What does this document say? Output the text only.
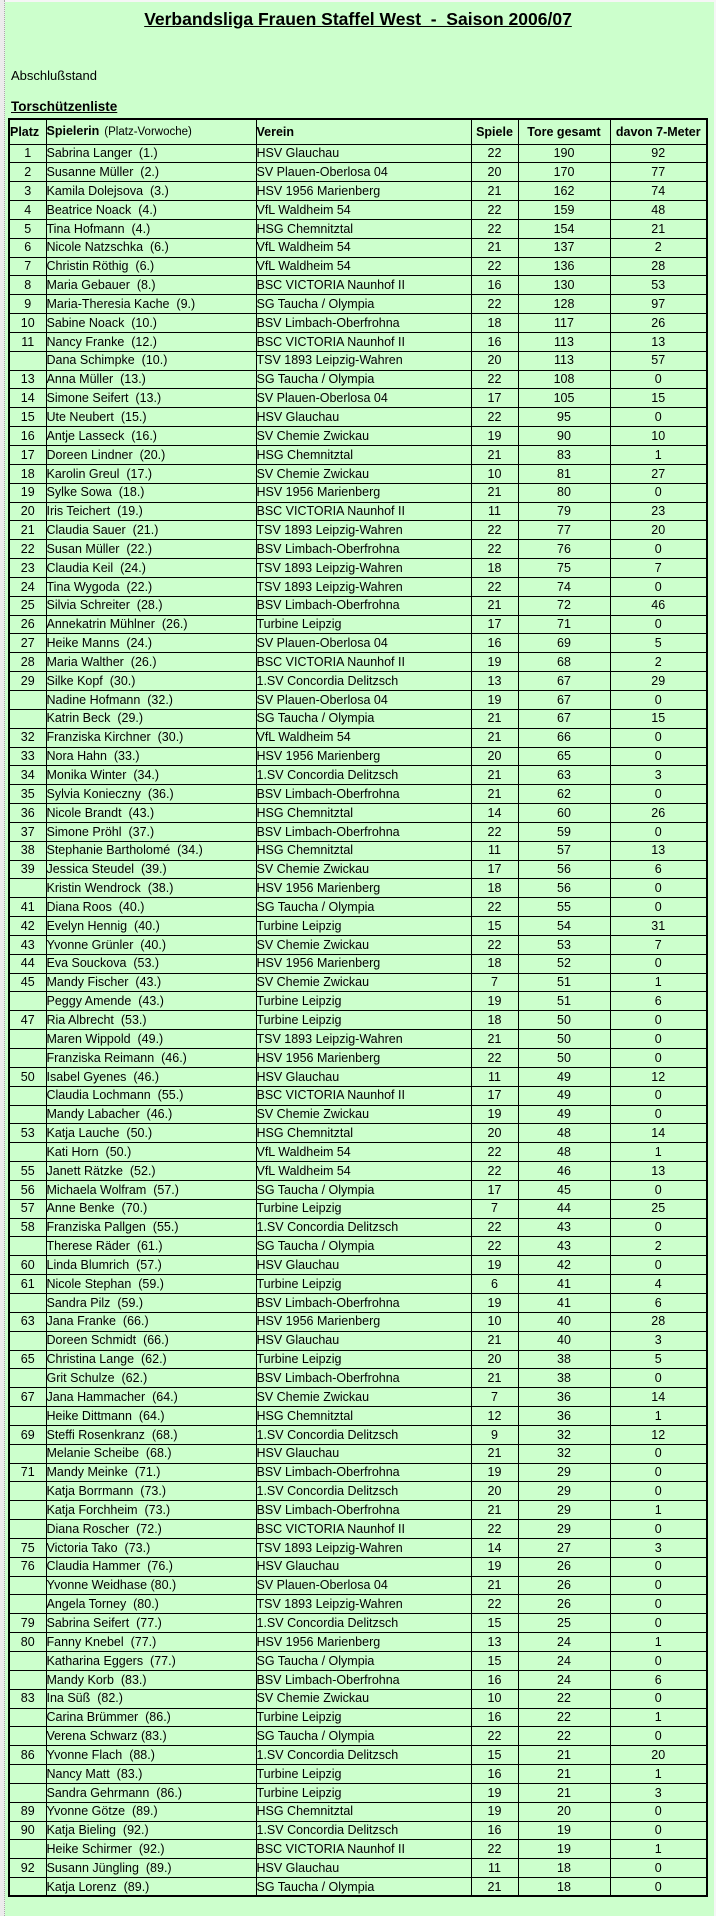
Verbandsliga Frauen Staffel West  -  Saison 2006/07
Abschlußstand
Torschützenliste
Platz	Spielerin (Platz-Vorwoche)	Verein	Spiele	Tore gesamt	davon 7-Meter
1	Sabrina Langer  (1.)	HSV Glauchau	22	190	92
2	Susanne Müller  (2.)	SV Plauen-Oberlosa 04	20	170	77
3	Kamila Dolejsova  (3.)	HSV 1956 Marienberg	21	162	74
4	Beatrice Noack  (4.)	VfL Waldheim 54	22	159	48
5	Tina Hofmann  (4.)	HSG Chemnitztal	22	154	21
6	Nicole Natzschka  (6.)	VfL Waldheim 54	21	137	2
7	Christin Röthig  (6.)	VfL Waldheim 54	22	136	28
8	Maria Gebauer  (8.)	BSC VICTORIA Naunhof II	16	130	53
9	Maria-Theresia Kache  (9.)	SG Taucha / Olympia	22	128	97
10	Sabine Noack  (10.)	BSV Limbach-Oberfrohna	18	117	26
11	Nancy Franke  (12.)	BSC VICTORIA Naunhof II	16	113	13
	Dana Schimpke  (10.)	TSV 1893 Leipzig-Wahren	20	113	57
13	Anna Müller  (13.)	SG Taucha / Olympia	22	108	0
14	Simone Seifert  (13.)	SV Plauen-Oberlosa 04	17	105	15
15	Ute Neubert  (15.)	HSV Glauchau	22	95	0
16	Antje Lasseck  (16.)	SV Chemie Zwickau	19	90	10
17	Doreen Lindner  (20.)	HSG Chemnitztal	21	83	1
18	Karolin Greul  (17.)	SV Chemie Zwickau	10	81	27
19	Sylke Sowa  (18.)	HSV 1956 Marienberg	21	80	0
20	Iris Teichert  (19.)	BSC VICTORIA Naunhof II	11	79	23
21	Claudia Sauer  (21.)	TSV 1893 Leipzig-Wahren	22	77	20
22	Susan Müller  (22.)	BSV Limbach-Oberfrohna	22	76	0
23	Claudia Keil  (24.)	TSV 1893 Leipzig-Wahren	18	75	7
24	Tina Wygoda  (22.)	TSV 1893 Leipzig-Wahren	22	74	0
25	Silvia Schreiter  (28.)	BSV Limbach-Oberfrohna	21	72	46
26	Annekatrin Mühlner  (26.)	Turbine Leipzig	17	71	0
27	Heike Manns  (24.)	SV Plauen-Oberlosa 04	16	69	5
28	Maria Walther  (26.)	BSC VICTORIA Naunhof II	19	68	2
29	Silke Kopf  (30.)	1.SV Concordia Delitzsch	13	67	29
	Nadine Hofmann  (32.)	SV Plauen-Oberlosa 04	19	67	0
	Katrin Beck  (29.)	SG Taucha / Olympia	21	67	15
32	Franziska Kirchner  (30.)	VfL Waldheim 54	21	66	0
33	Nora Hahn  (33.)	HSV 1956 Marienberg	20	65	0
34	Monika Winter  (34.)	1.SV Concordia Delitzsch	21	63	3
35	Sylvia Konieczny  (36.)	BSV Limbach-Oberfrohna	21	62	0
36	Nicole Brandt  (43.)	HSG Chemnitztal	14	60	26
37	Simone Pröhl  (37.)	BSV Limbach-Oberfrohna	22	59	0
38	Stephanie Bartholomé  (34.)	HSG Chemnitztal	11	57	13
39	Jessica Steudel  (39.)	SV Chemie Zwickau	17	56	6
	Kristin Wendrock  (38.)	HSV 1956 Marienberg	18	56	0
41	Diana Roos  (40.)	SG Taucha / Olympia	22	55	0
42	Evelyn Hennig  (40.)	Turbine Leipzig	15	54	31
43	Yvonne Grünler  (40.)	SV Chemie Zwickau	22	53	7
44	Eva Souckova  (53.)	HSV 1956 Marienberg	18	52	0
45	Mandy Fischer  (43.)	SV Chemie Zwickau	7	51	1
	Peggy Amende  (43.)	Turbine Leipzig	19	51	6
47	Ria Albrecht  (53.)	Turbine Leipzig	18	50	0
	Maren Wippold  (49.)	TSV 1893 Leipzig-Wahren	21	50	0
	Franziska Reimann  (46.)	HSV 1956 Marienberg	22	50	0
50	Isabel Gyenes  (46.)	HSV Glauchau	11	49	12
	Claudia Lochmann  (55.)	BSC VICTORIA Naunhof II	17	49	0
	Mandy Labacher  (46.)	SV Chemie Zwickau	19	49	0
53	Katja Lauche  (50.)	HSG Chemnitztal	20	48	14
	Kati Horn  (50.)	VfL Waldheim 54	22	48	1
55	Janett Rätzke  (52.)	VfL Waldheim 54	22	46	13
56	Michaela Wolfram  (57.)	SG Taucha / Olympia	17	45	0
57	Anne Benke  (70.)	Turbine Leipzig	7	44	25
58	Franziska Pallgen  (55.)	1.SV Concordia Delitzsch	22	43	0
	Therese Räder  (61.)	SG Taucha / Olympia	22	43	2
60	Linda Blumrich  (57.)	HSV Glauchau	19	42	0
61	Nicole Stephan  (59.)	Turbine Leipzig	6	41	4
	Sandra Pilz  (59.)	BSV Limbach-Oberfrohna	19	41	6
63	Jana Franke  (66.)	HSV 1956 Marienberg	10	40	28
	Doreen Schmidt  (66.)	HSV Glauchau	21	40	3
65	Christina Lange  (62.)	Turbine Leipzig	20	38	5
	Grit Schulze  (62.)	BSV Limbach-Oberfrohna	21	38	0
67	Jana Hammacher  (64.)	SV Chemie Zwickau	7	36	14
	Heike Dittmann  (64.)	HSG Chemnitztal	12	36	1
69	Steffi Rosenkranz  (68.)	1.SV Concordia Delitzsch	9	32	12
	Melanie Scheibe  (68.)	HSV Glauchau	21	32	0
71	Mandy Meinke  (71.)	BSV Limbach-Oberfrohna	19	29	0
	Katja Borrmann  (73.)	1.SV Concordia Delitzsch	20	29	0
	Katja Forchheim  (73.)	BSV Limbach-Oberfrohna	21	29	1
	Diana Roscher  (72.)	BSC VICTORIA Naunhof II	22	29	0
75	Victoria Tako  (73.)	TSV 1893 Leipzig-Wahren	14	27	3
76	Claudia Hammer  (76.)	HSV Glauchau	19	26	0
	Yvonne Weidhase (80.)	SV Plauen-Oberlosa 04	21	26	0
	Angela Torney  (80.)	TSV 1893 Leipzig-Wahren	22	26	0
79	Sabrina Seifert  (77.)	1.SV Concordia Delitzsch	15	25	0
80	Fanny Knebel  (77.)	HSV 1956 Marienberg	13	24	1
	Katharina Eggers  (77.)	SG Taucha / Olympia	15	24	0
	Mandy Korb  (83.)	BSV Limbach-Oberfrohna	16	24	6
83	Ina Süß  (82.)	SV Chemie Zwickau	10	22	0
	Carina Brümmer  (86.)	Turbine Leipzig	16	22	1
	Verena Schwarz (83.)	SG Taucha / Olympia	22	22	0
86	Yvonne Flach  (88.)	1.SV Concordia Delitzsch	15	21	20
	Nancy Matt  (83.)	Turbine Leipzig	16	21	1
	Sandra Gehrmann  (86.)	Turbine Leipzig	19	21	3
89	Yvonne Götze  (89.)	HSG Chemnitztal	19	20	0
90	Katja Bieling  (92.)	1.SV Concordia Delitzsch	16	19	0
	Heike Schirmer  (92.)	BSC VICTORIA Naunhof II	22	19	1
92	Susann Jüngling  (89.)	HSV Glauchau	11	18	0
	Katja Lorenz  (89.)	SG Taucha / Olympia	21	18	0
